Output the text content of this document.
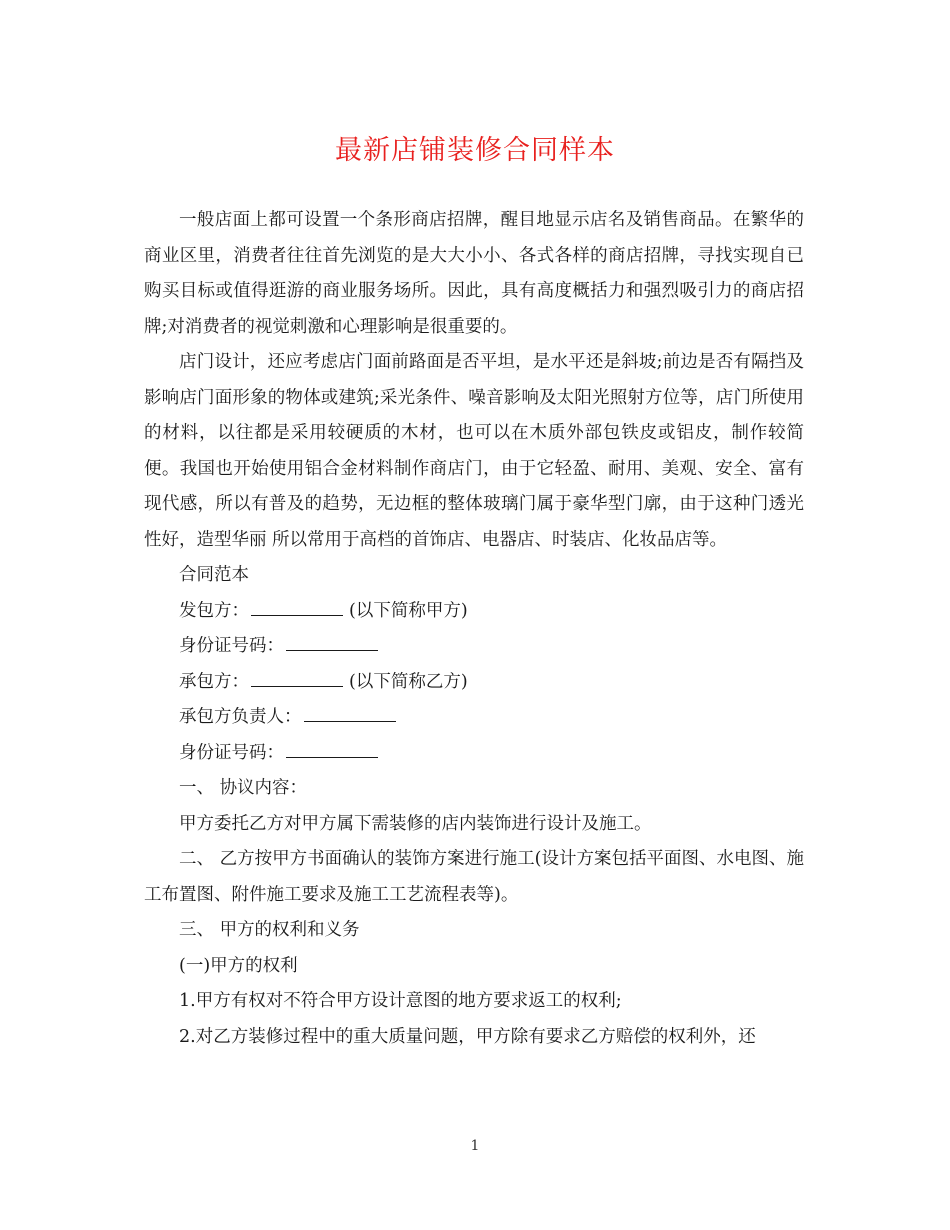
最新店铺装修合同样本

一般店面上都可设置一个条形商店招牌，醒目地显示店名及销售商品。在繁华的商业区里，消费者往往首先浏览的是大大小小、各式各样的商店招牌，寻找实现自已购买目标或值得逛游的商业服务场所。因此，具有高度概括力和强烈吸引力的商店招牌;对消费者的视觉刺激和心理影响是很重要的。

店门设计，还应考虑店门面前路面是否平坦，是水平还是斜坡;前边是否有隔挡及影响店门面形象的物体或建筑;采光条件、噪音影响及太阳光照射方位等，店门所使用的材料，以往都是采用较硬质的木材，也可以在木质外部包铁皮或铝皮，制作较简便。我国也开始使用铝合金材料制作商店门，由于它轻盈、耐用、美观、安全、富有现代感，所以有普及的趋势，无边框的整体玻璃门属于豪华型门廓，由于这种门透光性好，造型华丽 所以常用于高档的首饰店、电器店、时装店、化妆品店等。

合同范本

发包方：	(以下简称甲方)

身份证号码：

承包方：	(以下简称乙方)

承包方负责人：

身份证号码：

一、 协议内容：

甲方委托乙方对甲方属下需装修的店内装饰进行设计及施工。

二、 乙方按甲方书面确认的装饰方案进行施工(设计方案包括平面图、水电图、施工布置图、附件施工要求及施工工艺流程表等)。

三、 甲方的权利和义务

(一)甲方的权利

1.甲方有权对不符合甲方设计意图的地方要求返工的权利;

2.对乙方装修过程中的重大质量问题，甲方除有要求乙方赔偿的权利外，还

1
